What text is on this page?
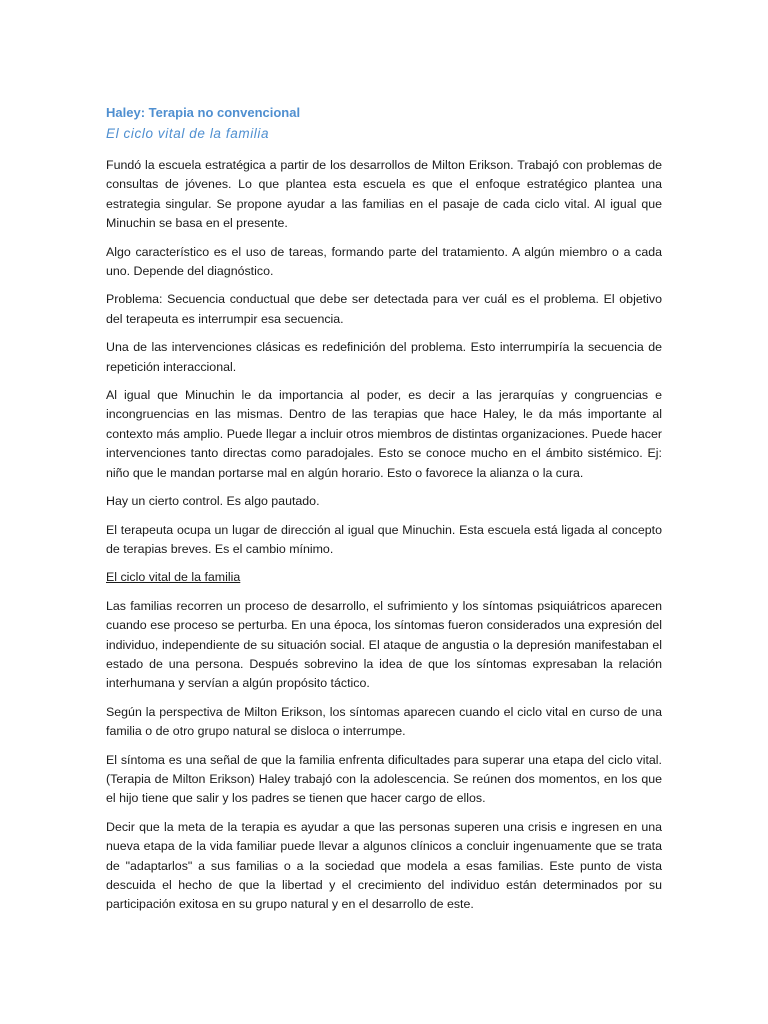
Haley: Terapia no convencional
El ciclo vital de la familia

Fundó la escuela estratégica a partir de los desarrollos de Milton Erikson. Trabajó con problemas de consultas de jóvenes. Lo que plantea esta escuela es que el enfoque estratégico plantea una estrategia singular. Se propone ayudar a las familias en el pasaje de cada ciclo vital. Al igual que Minuchin se basa en el presente.

Algo característico es el uso de tareas, formando parte del tratamiento. A algún miembro o a cada uno. Depende del diagnóstico.

Problema: Secuencia conductual que debe ser detectada para ver cuál es el problema. El objetivo del terapeuta es interrumpir esa secuencia.

Una de las intervenciones clásicas es redefinición del problema. Esto interrumpiría la secuencia de repetición interaccional.

Al igual que Minuchin le da importancia al poder, es decir a las jerarquías y congruencias e incongruencias en las mismas. Dentro de las terapias que hace Haley, le da más importante al contexto más amplio. Puede llegar a incluir otros miembros de distintas organizaciones. Puede hacer intervenciones tanto directas como paradojales. Esto se conoce mucho en el ámbito sistémico. Ej: niño que le mandan portarse mal en algún horario. Esto o favorece la alianza o la cura.

Hay un cierto control. Es algo pautado.

El terapeuta ocupa un lugar de dirección al igual que Minuchin. Esta escuela está ligada al concepto de terapias breves. Es el cambio mínimo.

El ciclo vital de la familia

Las familias recorren un proceso de desarrollo, el sufrimiento y los síntomas psiquiátricos aparecen cuando ese proceso se perturba. En una época, los síntomas fueron considerados una expresión del individuo, independiente de su situación social. El ataque de angustia o la depresión manifestaban el estado de una persona. Después sobrevino la idea de que los síntomas expresaban la relación interhumana y servían a algún propósito táctico.

Según la perspectiva de Milton Erikson, los síntomas aparecen cuando el ciclo vital en curso de una familia o de otro grupo natural se disloca o interrumpe.

El síntoma es una señal de que la familia enfrenta dificultades para superar una etapa del ciclo vital. (Terapia de Milton Erikson) Haley trabajó con la adolescencia. Se reúnen dos momentos, en los que el hijo tiene que salir y los padres se tienen que hacer cargo de ellos.

Decir que la meta de la terapia es ayudar a que las personas superen una crisis e ingresen en una nueva etapa de la vida familiar puede llevar a algunos clínicos a concluir ingenuamente que se trata de "adaptarlos" a sus familias o a la sociedad que modela a esas familias. Este punto de vista descuida el hecho de que la libertad y el crecimiento del individuo están determinados por su participación exitosa en su grupo natural y en el desarrollo de este.
